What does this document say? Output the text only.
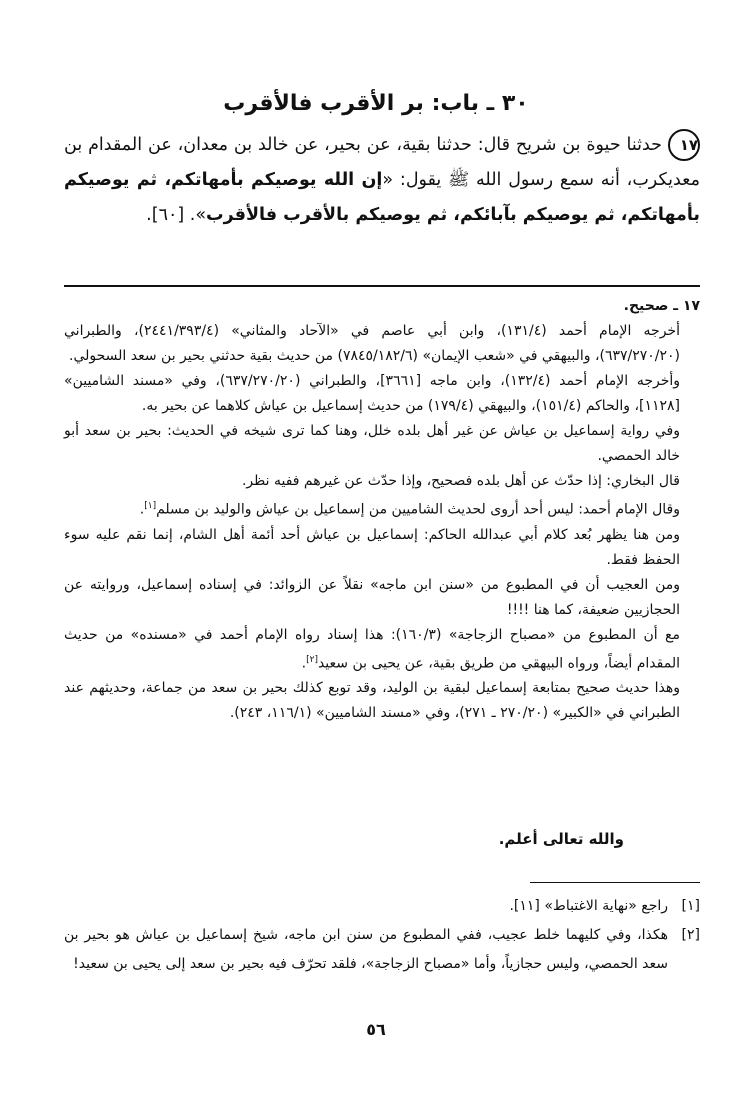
٣٠ ـ باب: بر الأقرب فالأقرب
١٧حدثنا حيوة بن شريح قال: حدثنا بقية، عن بحير، عن خالد بن معدان، عن المقدام بن معديكرب، أنه سمع رسول الله ﷺ يقول: «إن الله يوصيكم بأمهاتكم، ثم يوصيكم بأمهاتكم، ثم يوصيكم بآبائكم، ثم يوصيكم بالأقرب فالأقرب». [٦٠].

١٧ ـ صحيح.

أخرجه الإمام أحمد (١٣١/٤)، وابن أبي عاصم في «الآحاد والمثاني» (٢٤٤١/٣٩٣/٤)، والطبراني (٦٣٧/٢٧٠/٢٠)، والبيهقي في «شعب الإيمان» (٧٨٤٥/١٨٢/٦) من حديث بقية حدثني بحير بن سعد السحولي.

وأخرجه الإمام أحمد (١٣٢/٤)، وابن ماجه [٣٦٦١]، والطبراني (٦٣٧/٢٧٠/٢٠)، وفي «مسند الشاميين» [١١٢٨]، والحاكم (١٥١/٤)، والبيهقي (١٧٩/٤) من حديث إسماعيل بن عياش كلاهما عن بحير به.

وفي رواية إسماعيل بن عياش عن غير أهل بلده خلل، وهنا كما ترى شيخه في الحديث: بحير بن سعد أبو خالد الحمصي.

قال البخاري: إذا حدّث عن أهل بلده فصحيح، وإذا حدّث عن غيرهم ففيه نظر.

وقال الإمام أحمد: ليس أحد أروى لحديث الشاميين من إسماعيل بن عياش والوليد بن مسلم[١].

ومن هنا يظهر بُعد كلام أبي عبدالله الحاكم: إسماعيل بن عياش أحد أئمة أهل الشام، إنما نقم عليه سوء الحفظ فقط.

ومن العجيب أن في المطبوع من «سنن ابن ماجه» نقلاً عن الزوائد: في إسناده إسماعيل، وروايته عن الحجازيين ضعيفة، كما هنا !!!!

مع أن المطبوع من «مصباح الزجاجة» (١٦٠/٣): هذا إسناد رواه الإمام أحمد في «مسنده» من حديث المقدام أيضاً، ورواه البيهقي من طريق بقية، عن يحيى بن سعيد[٢].

وهذا حديث صحيح بمتابعة إسماعيل لبقية بن الوليد، وقد توبع كذلك بحير بن سعد من جماعة، وحديثهم عند الطبراني في «الكبير» (٢٧٠/٢٠ ـ ٢٧١)، وفي «مسند الشاميين» (١١٦/١، ٢٤٣).

والله تعالى أعلم.
[١]
راجع «نهاية الاغتباط» [١١].
[٢]
هكذا، وفي كليهما خلط عجيب، ففي المطبوع من سنن ابن ماجه، شيخ إسماعيل بن عياش هو بحير بن سعد الحمصي، وليس حجازياً، وأما «مصباح الزجاجة»، فلقد تحرّف فيه بحير بن سعد إلى يحيى بن سعيد!
٥٦
